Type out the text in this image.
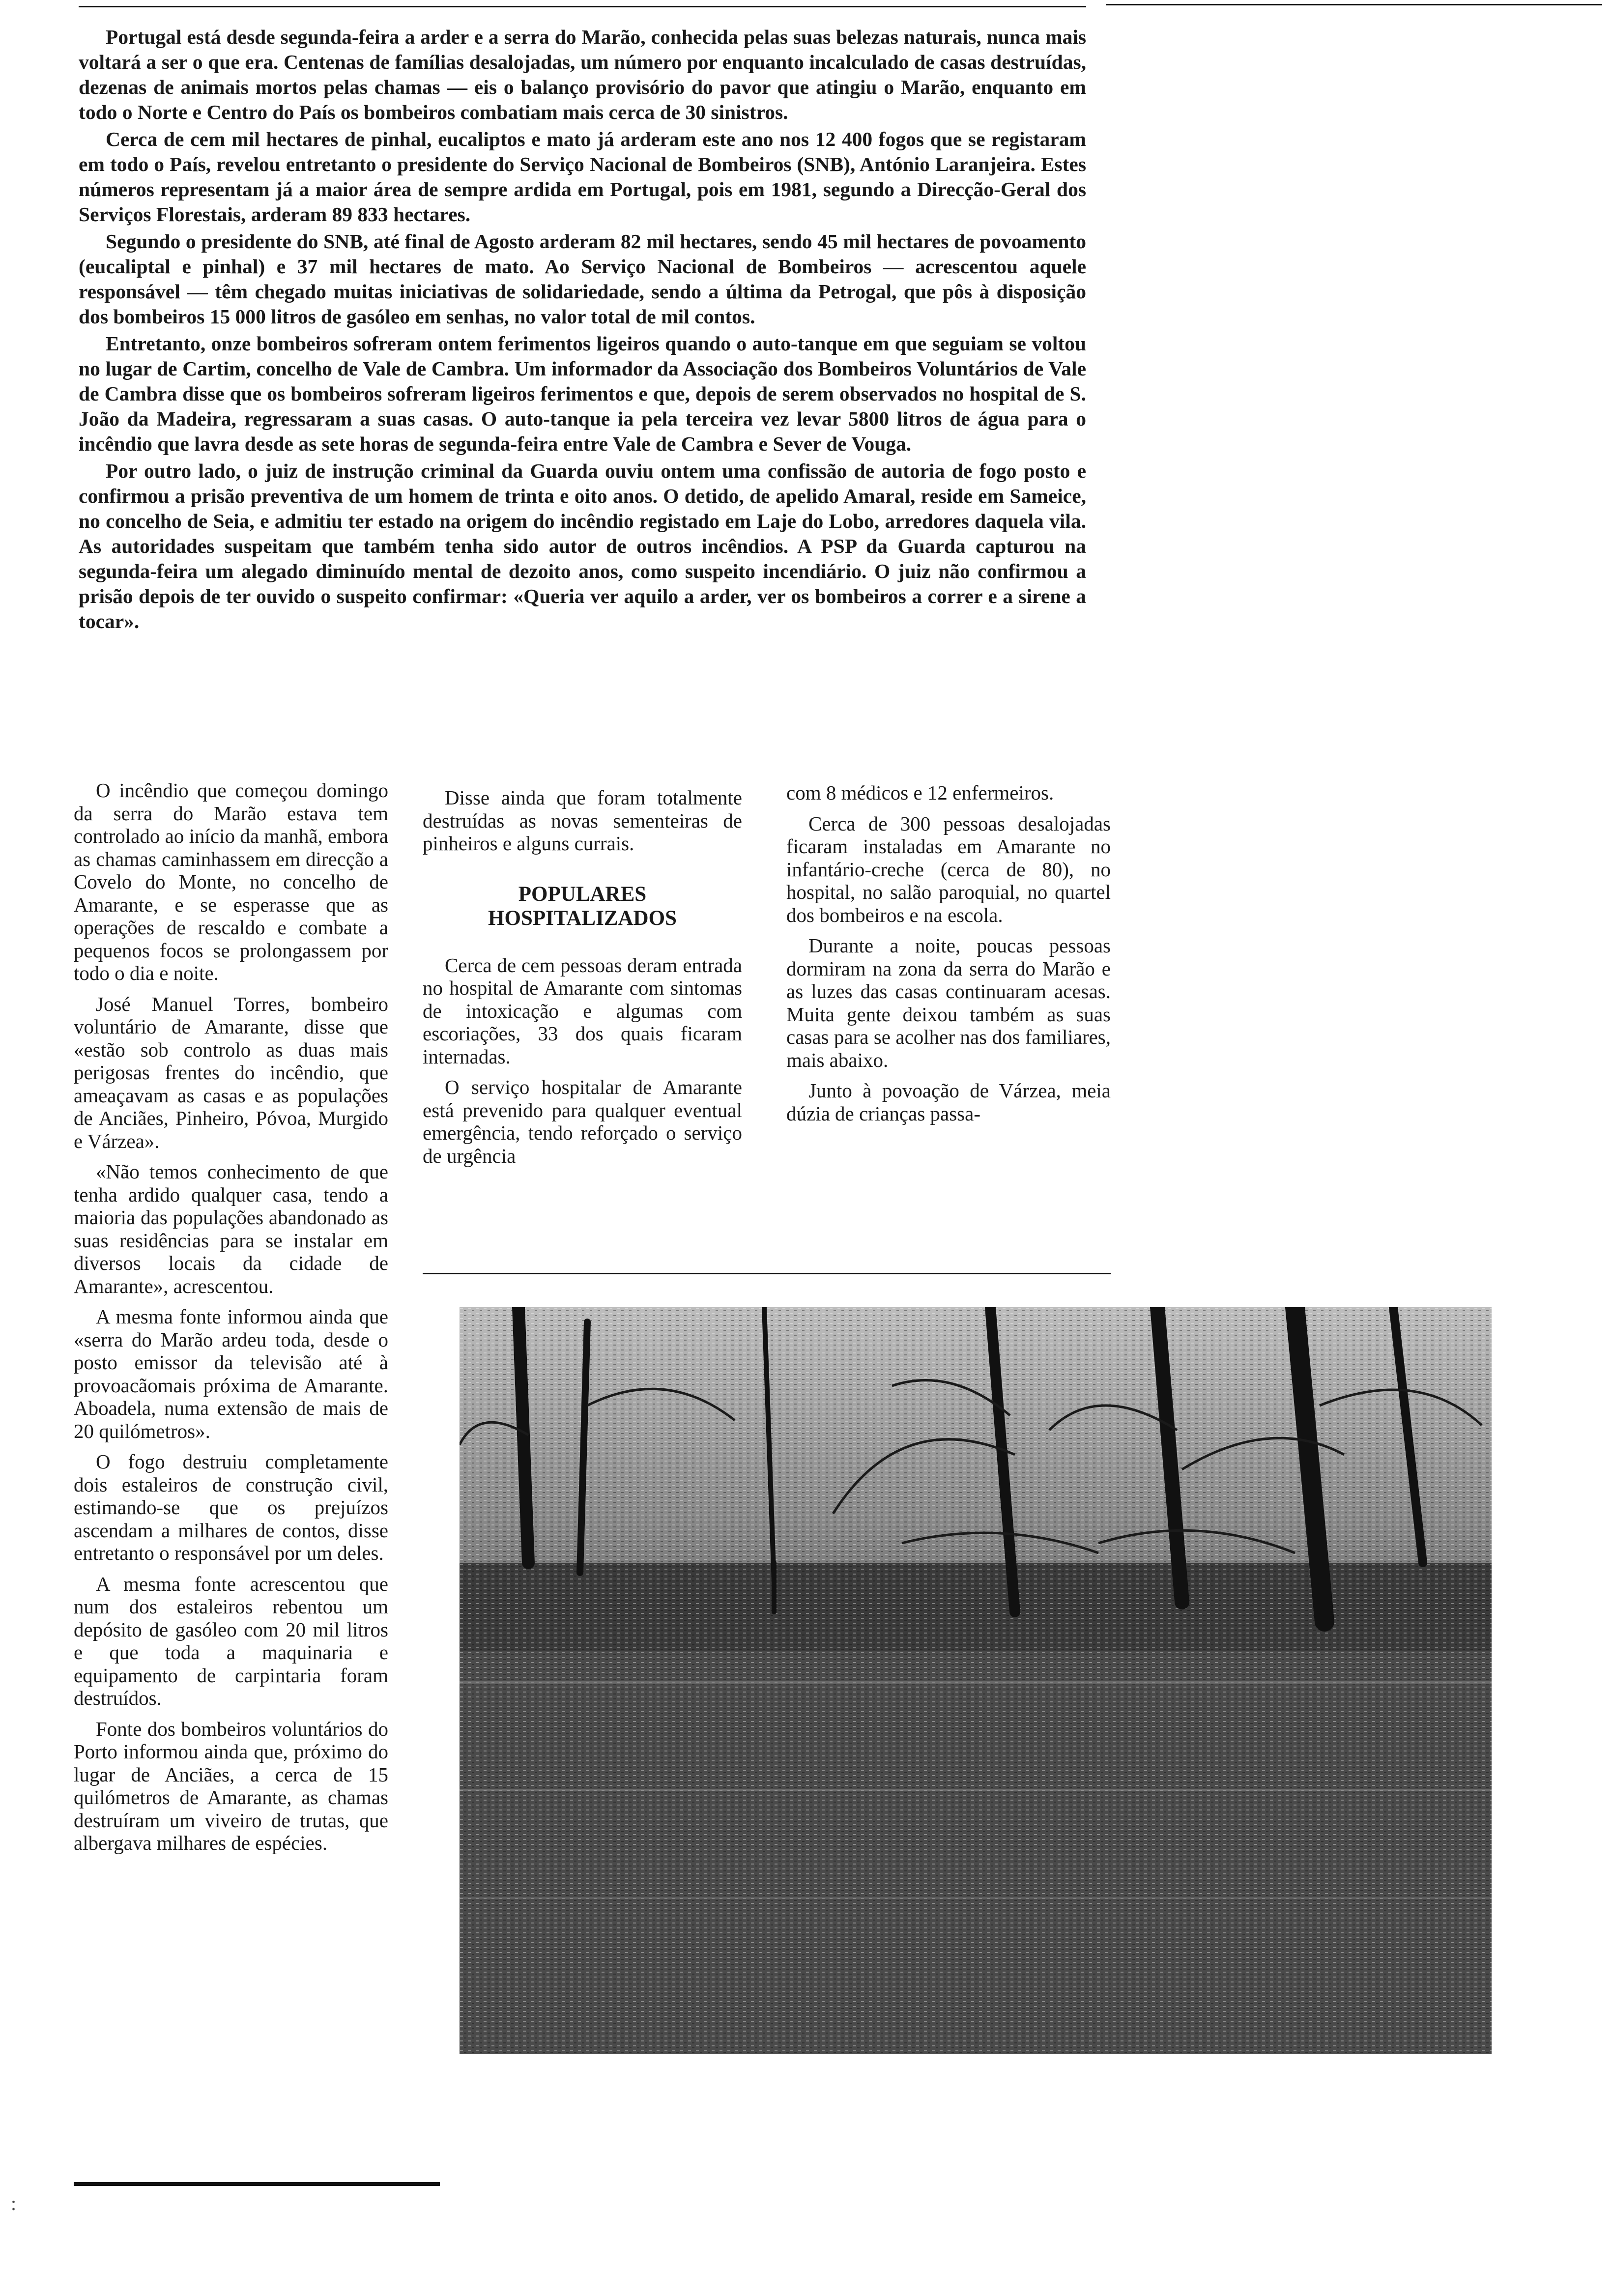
Portugal está desde segunda-feira a arder e a serra do Marão, conhecida pelas suas belezas naturais, nunca mais voltará a ser o que era. Centenas de famílias desalojadas, um número por enquanto incalculado de casas destruídas, dezenas de animais mortos pelas chamas — eis o balanço provisório do pavor que atingiu o Marão, enquanto em todo o Norte e Centro do País os bombeiros combatiam mais cerca de 30 sinistros.

Cerca de cem mil hectares de pinhal, eucaliptos e mato já arderam este ano nos 12 400 fogos que se registaram em todo o País, revelou entretanto o presidente do Serviço Nacional de Bombeiros (SNB), António Laranjeira. Estes números representam já a maior área de sempre ardida em Portugal, pois em 1981, segundo a Direcção-Geral dos Serviços Florestais, arderam 89 833 hectares.

Segundo o presidente do SNB, até final de Agosto arderam 82 mil hectares, sendo 45 mil hectares de povoamento (eucaliptal e pinhal) e 37 mil hectares de mato. Ao Serviço Nacional de Bombeiros — acrescentou aquele responsável — têm chegado muitas iniciativas de solidariedade, sendo a última da Petrogal, que pôs à disposição dos bombeiros 15 000 litros de gasóleo em senhas, no valor total de mil contos.

Entretanto, onze bombeiros sofreram ontem ferimentos ligeiros quando o auto-tanque em que seguiam se voltou no lugar de Cartim, concelho de Vale de Cambra. Um informador da Associação dos Bombeiros Voluntários de Vale de Cambra disse que os bombeiros sofreram ligeiros ferimentos e que, depois de serem observados no hospital de S. João da Madeira, regressaram a suas casas. O auto-tanque ia pela terceira vez levar 5800 litros de água para o incêndio que lavra desde as sete horas de segunda-feira entre Vale de Cambra e Sever de Vouga.

Por outro lado, o juiz de instrução criminal da Guarda ouviu ontem uma confissão de autoria de fogo posto e confirmou a prisão preventiva de um homem de trinta e oito anos. O detido, de apelido Amaral, reside em Sameice, no concelho de Seia, e admitiu ter estado na origem do incêndio registado em Laje do Lobo, arredores daquela vila. As autoridades suspeitam que também tenha sido autor de outros incêndios. A PSP da Guarda capturou na segunda-feira um alegado diminuído mental de dezoito anos, como suspeito incendiário. O juiz não confirmou a prisão depois de ter ouvido o suspeito confirmar: «Queria ver aquilo a arder, ver os bombeiros a correr e a sirene a tocar».

O incêndio que começou domingo da serra do Marão estava tem controlado ao início da manhã, embora as chamas caminhassem em direcção a Covelo do Monte, no concelho de Amarante, e se esperasse que as operações de rescaldo e combate a pequenos focos se prolongassem por todo o dia e noite.

José Manuel Torres, bombeiro voluntário de Amarante, disse que «estão sob controlo as duas mais perigosas frentes do incêndio, que ameaçavam as casas e as populações de Anciães, Pinheiro, Póvoa, Murgido e Várzea».

«Não temos conhecimento de que tenha ardido qualquer casa, tendo a maioria das populações abandonado as suas residências para se instalar em diversos locais da cidade de Amarante», acrescentou.

A mesma fonte informou ainda que «serra do Marão ardeu toda, desde o posto emissor da televisão até à provoacãomais próxima de Amarante. Aboadela, numa extensão de mais de 20 quilómetros».

O fogo destruiu completamente dois estaleiros de construção civil, estimando-se que os prejuízos ascendam a milhares de contos, disse entretanto o responsável por um deles.

A mesma fonte acrescentou que num dos estaleiros rebentou um depósito de gasóleo com 20 mil litros e que toda a maquinaria e equipamento de carpintaria foram destruídos.

Fonte dos bombeiros voluntários do Porto informou ainda que, próximo do lugar de Anciães, a cerca de 15 quilómetros de Amarante, as chamas destruíram um viveiro de trutas, que albergava milhares de espécies.

Disse ainda que foram totalmente destruídas as novas sementeiras de pinheiros e alguns currais.

POPULARES HOSPITALIZADOS

Cerca de cem pessoas deram entrada no hospital de Amarante com sintomas de intoxicação e algumas com escoriações, 33 dos quais ficaram internadas.

O serviço hospitalar de Amarante está prevenido para qualquer eventual emergência, tendo reforçado o serviço de urgência

com 8 médicos e 12 enfermeiros.

Cerca de 300 pessoas desalojadas ficaram instaladas em Amarante no infantário-creche (cerca de 80), no hospital, no salão paroquial, no quartel dos bombeiros e na escola.

Durante a noite, poucas pessoas dormiram na zona da serra do Marão e as luzes das casas continuaram acesas. Muita gente deixou também as suas casas para se acolher nas dos familiares, mais abaixo.

Junto à povoação de Várzea, meia dúzia de crianças passa-

:
